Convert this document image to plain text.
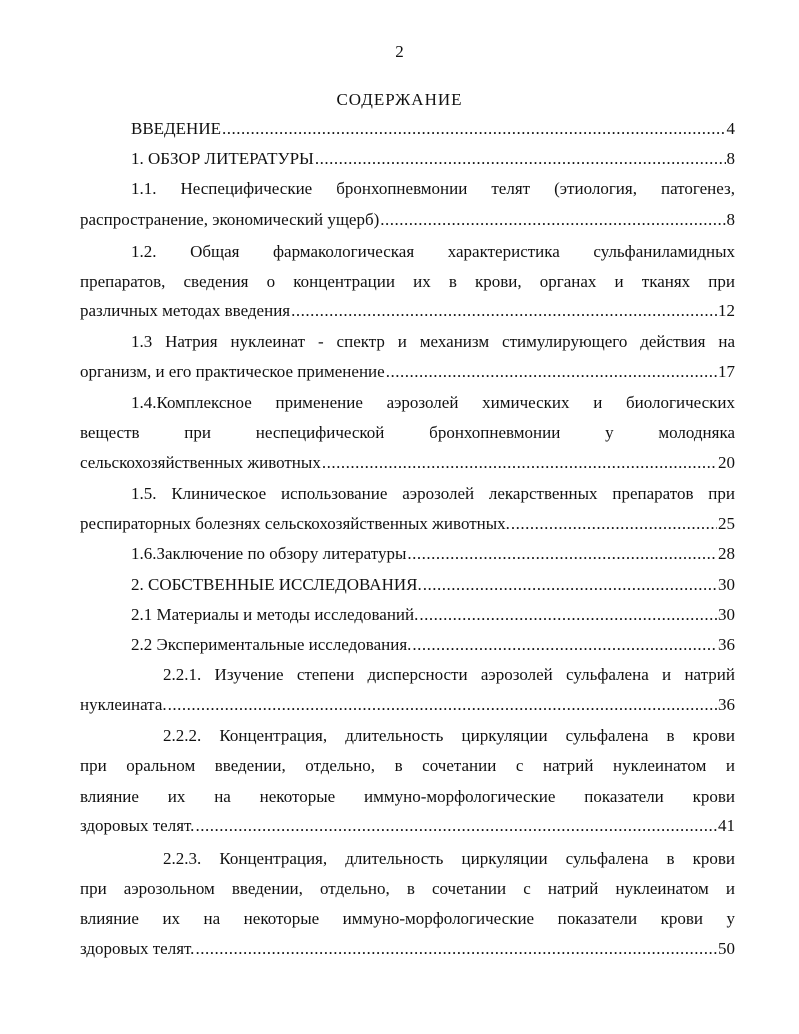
2
СОДЕРЖАНИЕ
ВВЕДЕНИЕ .....	4
1. ОБЗОР ЛИТЕРАТУРЫ .....	8
1.1. Неспецифические бронхопневмонии телят (этиология, патогенез,
распространение, экономический ущерб) .....	8
1.2. Общая фармакологическая характеристика сульфаниламидных
препаратов, сведения о концентрации их в крови, органах и тканях при
различных методах введения .....	12
1.3 Натрия нуклеинат - спектр и механизм стимулирующего действия на
организм, и его практическое применение .....	17
1.4.Комплексное применение аэрозолей химических и биологических
веществ при неспецифической бронхопневмонии у молодняка
сельскохозяйственных животных .....	20
1.5. Клиническое использование аэрозолей лекарственных препаратов при
респираторных болезнях сельскохозяйственных животных. .....	25
1.6.Заключение по обзору литературы .....	28
2. СОБСТВЕННЫЕ ИССЛЕДОВАНИЯ. .....	30
2.1 Материалы и методы исследований. .....	30
2.2 Экспериментальные исследования. .....	36
2.2.1. Изучение степени дисперсности аэрозолей сульфалена и натрий
нуклеината. .....	36
2.2.2. Концентрация, длительность циркуляции сульфалена в крови
при оральном введении, отдельно, в сочетании с натрий нуклеинатом и
влияние их на некоторые иммуно-морфологические показатели крови
здоровых телят. .....	41
2.2.3. Концентрация, длительность циркуляции сульфалена в крови
при аэрозольном введении, отдельно, в сочетании с натрий нуклеинатом и
влияние их на некоторые иммуно-морфологические показатели крови у
здоровых телят. .....	50
